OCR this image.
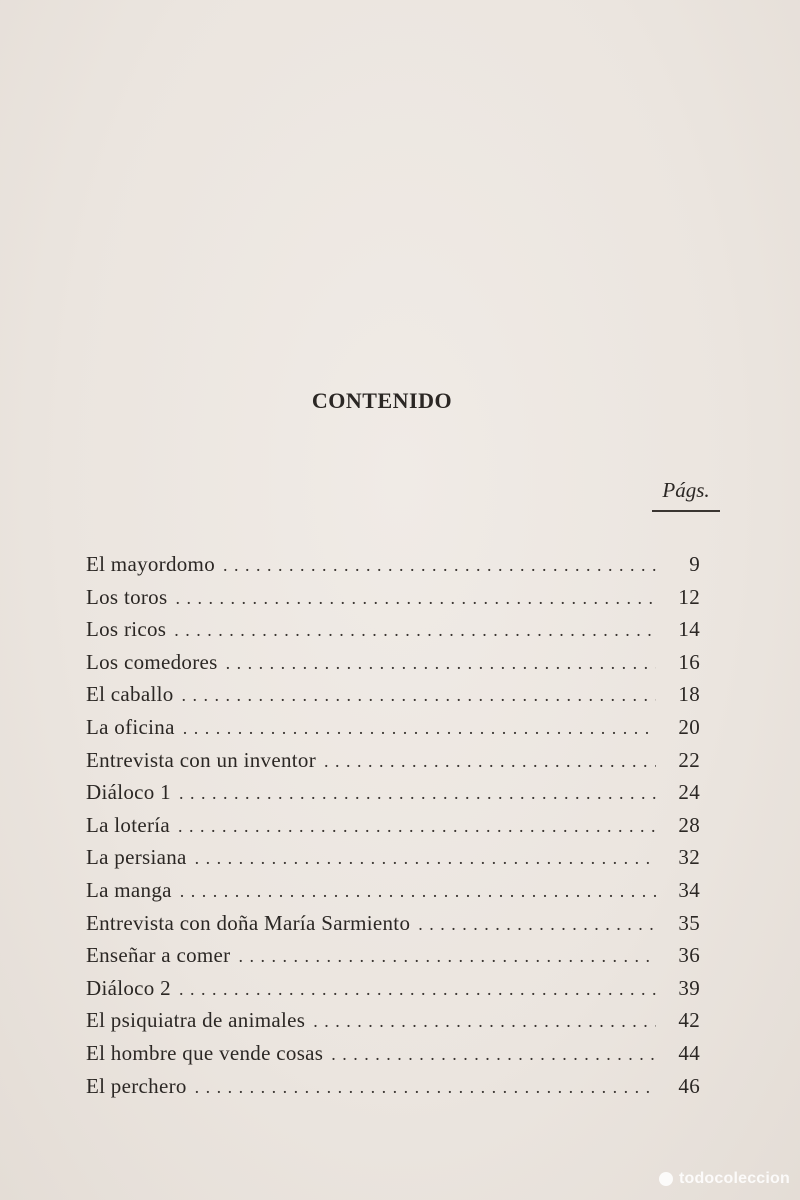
CONTENIDO
Págs.
El mayordomo . . .	9
Los toros . . .	12
Los ricos . . .	14
Los comedores . . .	16
El caballo . . .	18
La oficina . . .	20
Entrevista con un inventor . . .	22
Diáloco 1 . . .	24
La lotería . . .	28
La persiana . . .	32
La manga . . .	34
Entrevista con doña María Sarmiento . . .	35
Enseñar a comer . . .	36
Diáloco 2 . . .	39
El psiquiatra de animales . . .	42
El hombre que vende cosas . . .	44
El perchero . . .	46
todocoleccion
